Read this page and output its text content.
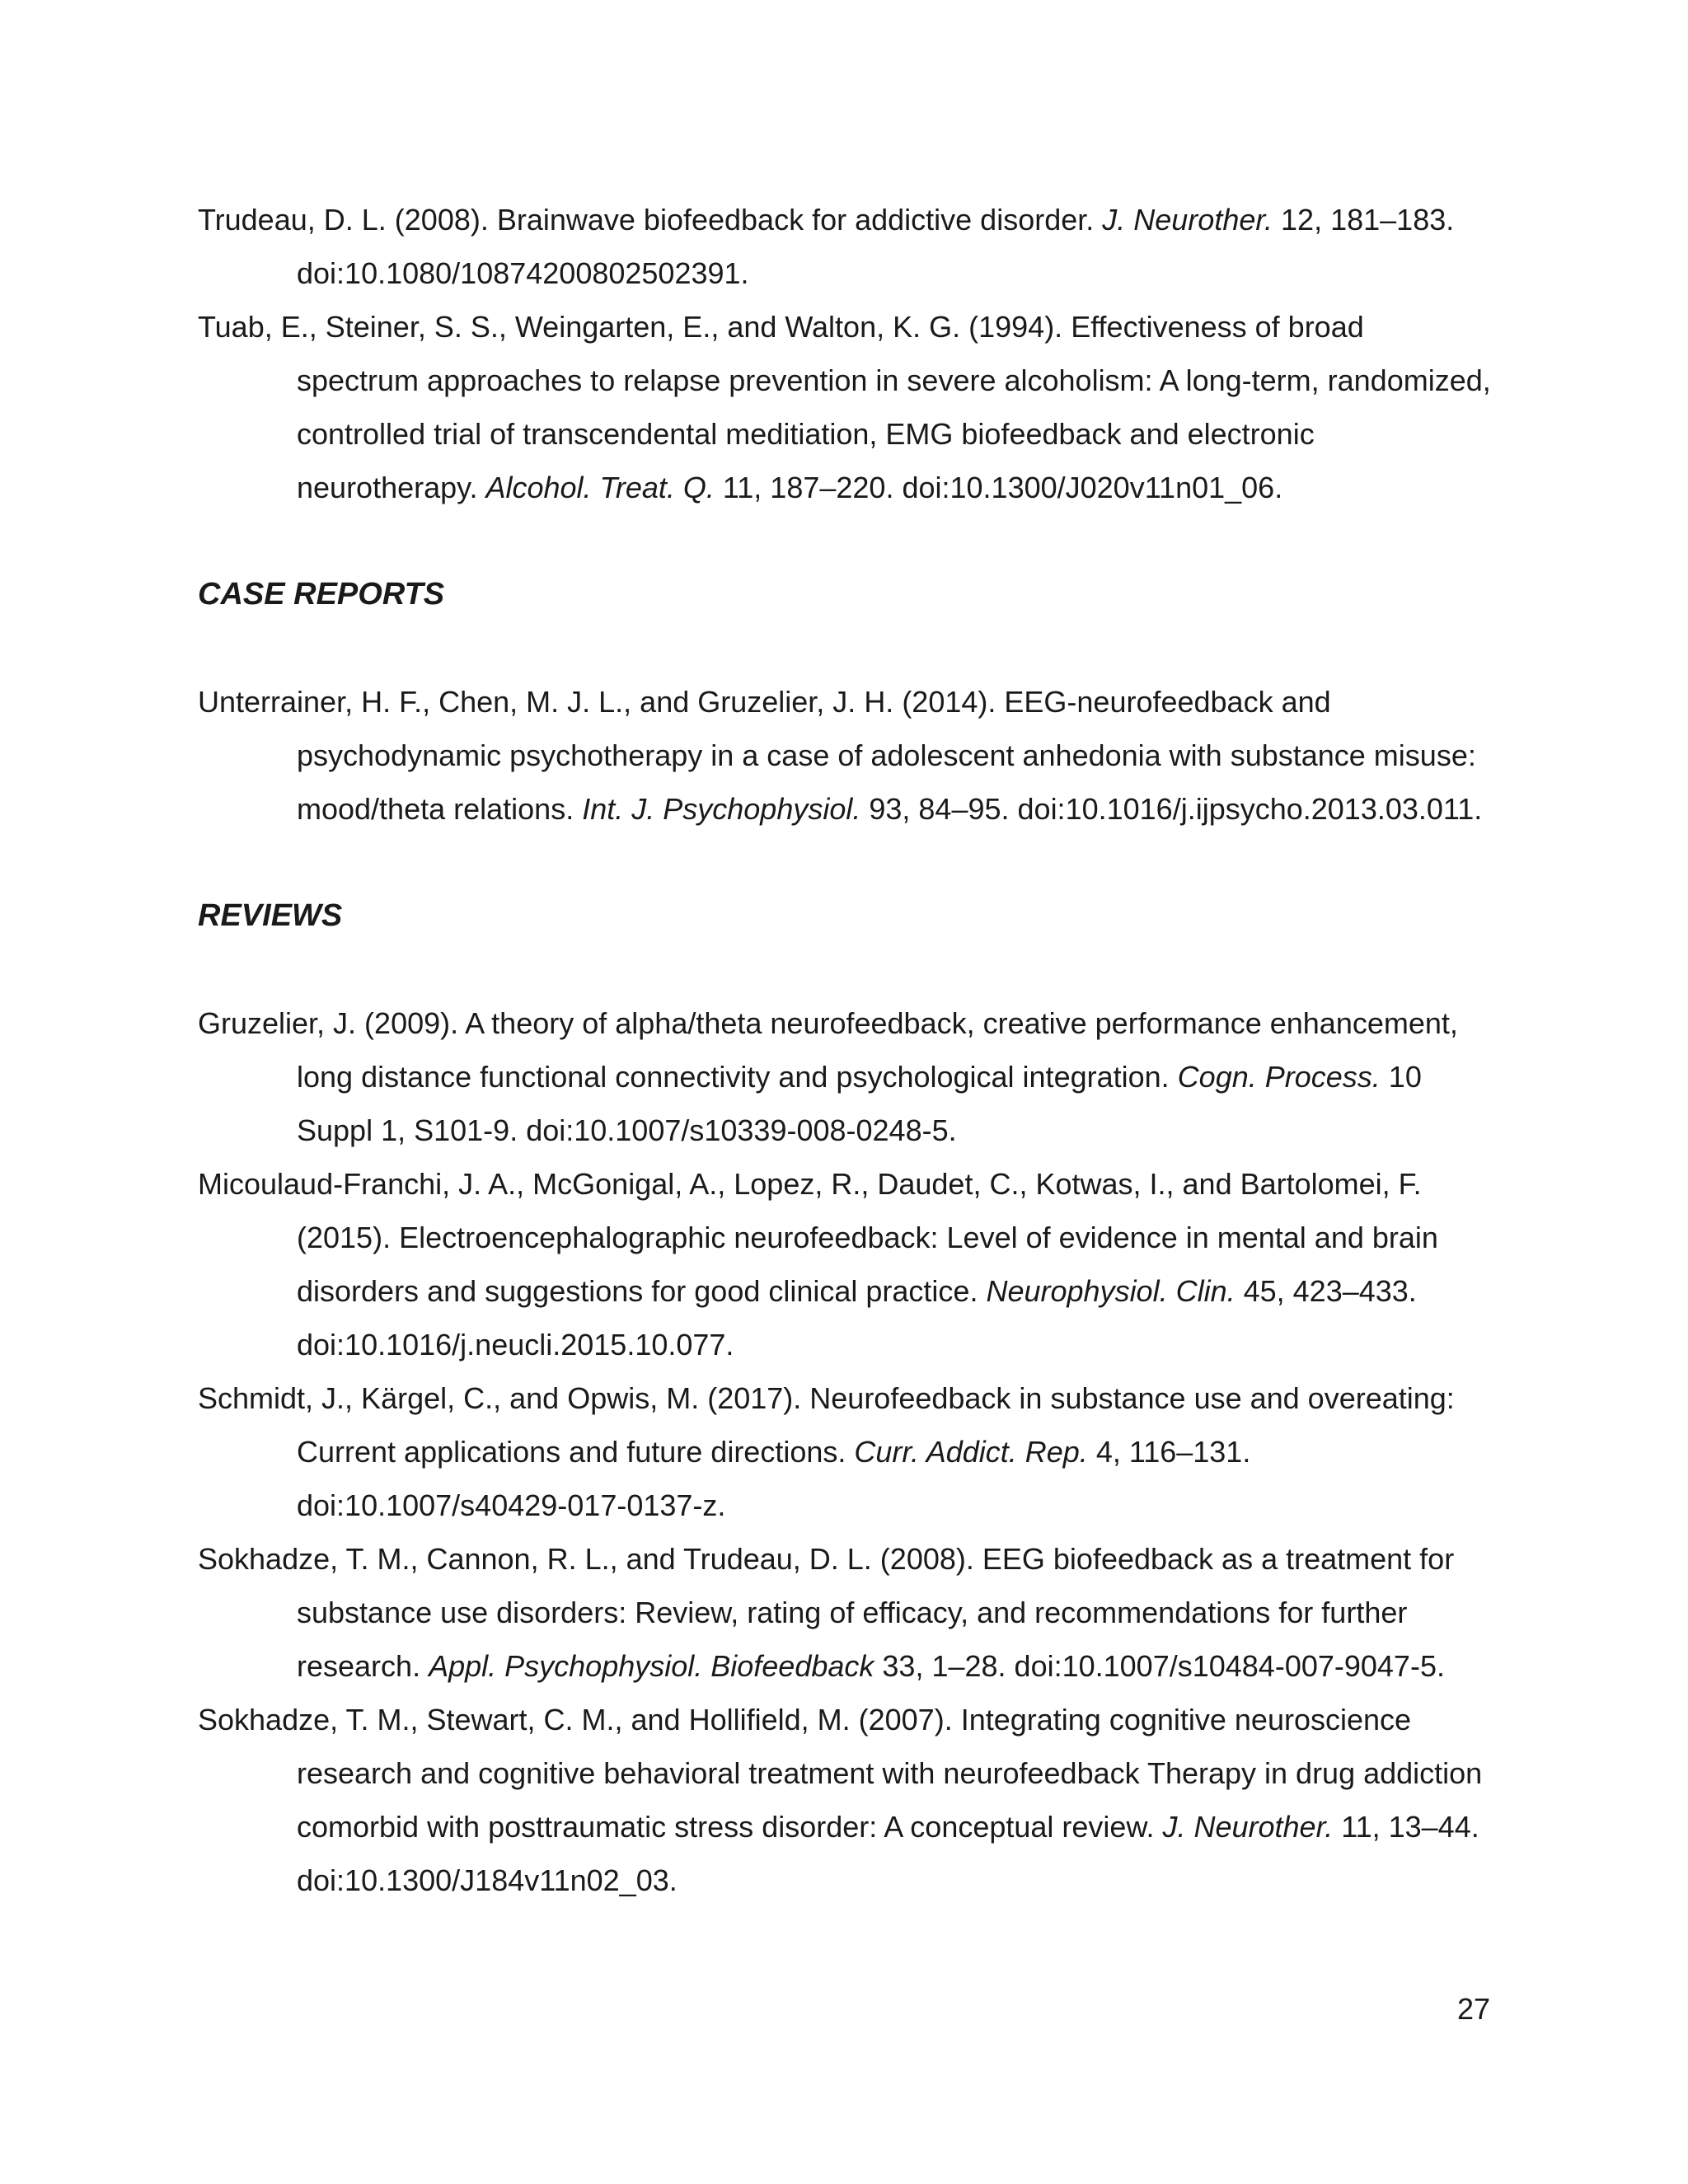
Trudeau, D. L. (2008). Brainwave biofeedback for addictive disorder. J. Neurother. 12, 181–183. doi:10.1080/10874200802502391.

Tuab, E., Steiner, S. S., Weingarten, E., and Walton, K. G. (1994). Effectiveness of broad spectrum approaches to relapse prevention in severe alcoholism: A long-term, randomized, controlled trial of transcendental meditiation, EMG biofeedback and electronic neurotherapy. Alcohol. Treat. Q. 11, 187–220. doi:10.1300/J020v11n01_06.

CASE REPORTS

Unterrainer, H. F., Chen, M. J. L., and Gruzelier, J. H. (2014). EEG-neurofeedback and psychodynamic psychotherapy in a case of adolescent anhedonia with substance misuse: mood/theta relations. Int. J. Psychophysiol. 93, 84–95. doi:10.1016/j.ijpsycho.2013.03.011.

REVIEWS

Gruzelier, J. (2009). A theory of alpha/theta neurofeedback, creative performance enhancement, long distance functional connectivity and psychological integration. Cogn. Process. 10 Suppl 1, S101-9. doi:10.1007/s10339-008-0248-5.

Micoulaud-Franchi, J. A., McGonigal, A., Lopez, R., Daudet, C., Kotwas, I., and Bartolomei, F. (2015). Electroencephalographic neurofeedback: Level of evidence in mental and brain disorders and suggestions for good clinical practice. Neurophysiol. Clin. 45, 423–433. doi:10.1016/j.neucli.2015.10.077.

Schmidt, J., Kärgel, C., and Opwis, M. (2017). Neurofeedback in substance use and overeating: Current applications and future directions. Curr. Addict. Rep. 4, 116–131. doi:10.1007/s40429-017-0137-z.

Sokhadze, T. M., Cannon, R. L., and Trudeau, D. L. (2008). EEG biofeedback as a treatment for substance use disorders: Review, rating of efficacy, and recommendations for further research. Appl. Psychophysiol. Biofeedback 33, 1–28. doi:10.1007/s10484-007-9047-5.

Sokhadze, T. M., Stewart, C. M., and Hollifield, M. (2007). Integrating cognitive neuroscience research and cognitive behavioral treatment with neurofeedback Therapy in drug addiction comorbid with posttraumatic stress disorder: A conceptual review. J. Neurother. 11, 13–44. doi:10.1300/J184v11n02_03.

27
